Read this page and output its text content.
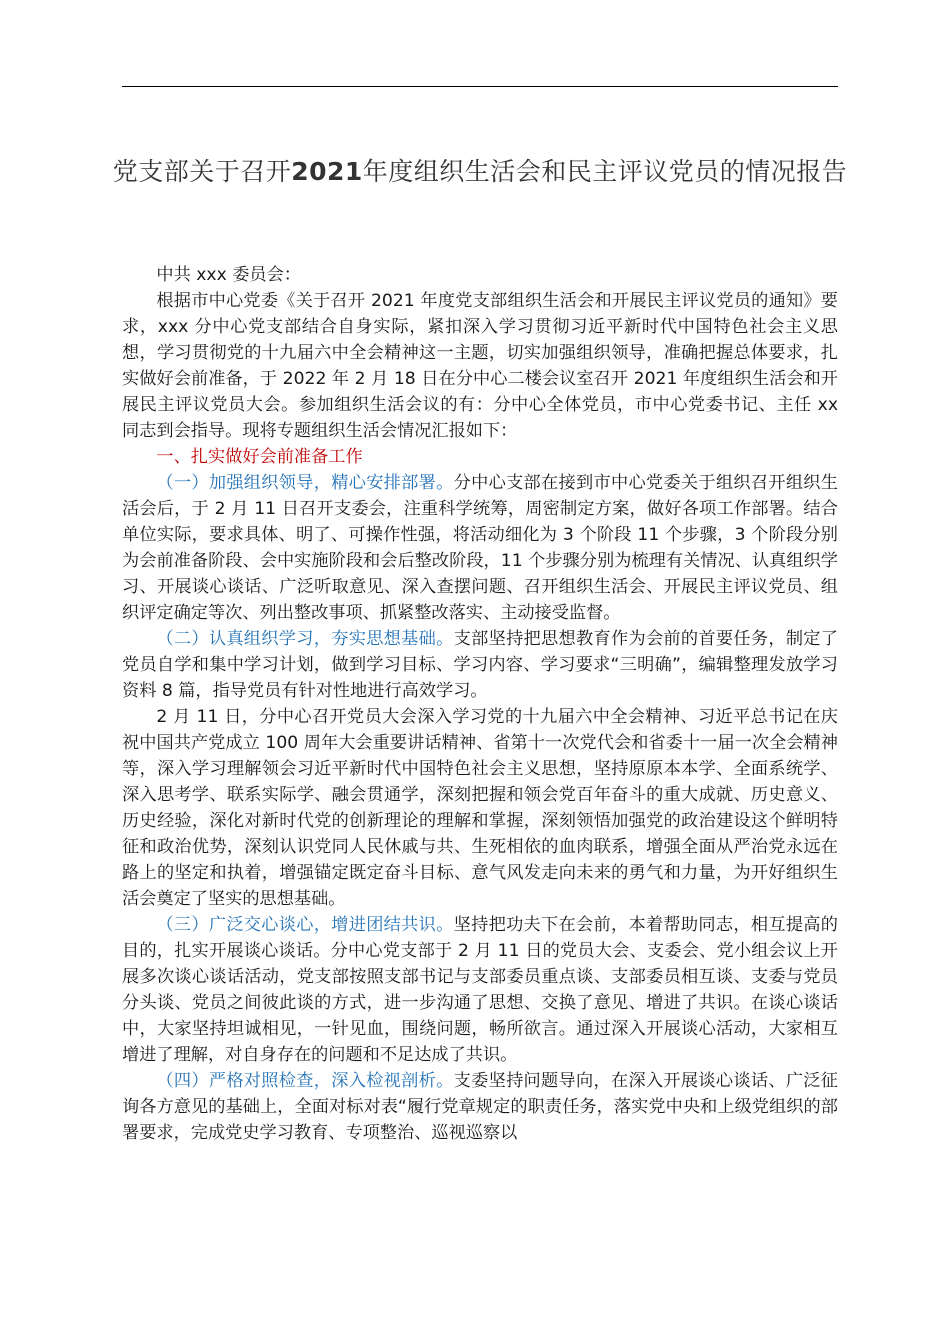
党支部关于召开2021年度组织生活会和民主评议党员的情况报告

中共 xxx 委员会：

根据市中心党委《关于召开 2021 年度党支部组织生活会和开展民主评议党员的通知》要求，xxx 分中心党支部结合自身实际，紧扣深入学习贯彻习近平新时代中国特色社会主义思想，学习贯彻党的十九届六中全会精神这一主题，切实加强组织领导，准确把握总体要求，扎实做好会前准备，于 2022 年 2 月 18 日在分中心二楼会议室召开 2021 年度组织生活会和开展民主评议党员大会。参加组织生活会议的有：分中心全体党员，市中心党委书记、主任 xx 同志到会指导。现将专题组织生活会情况汇报如下：

一、扎实做好会前准备工作

（一）加强组织领导，精心安排部署。分中心支部在接到市中心党委关于组织召开组织生活会后，于 2 月 11 日召开支委会，注重科学统筹，周密制定方案，做好各项工作部署。结合单位实际，要求具体、明了、可操作性强，将活动细化为 3 个阶段 11 个步骤，3 个阶段分别为会前准备阶段、会中实施阶段和会后整改阶段，11 个步骤分别为梳理有关情况、认真组织学习、开展谈心谈话、广泛听取意见、深入查摆问题、召开组织生活会、开展民主评议党员、组织评定确定等次、列出整改事项、抓紧整改落实、主动接受监督。

（二）认真组织学习，夯实思想基础。支部坚持把思想教育作为会前的首要任务，制定了党员自学和集中学习计划，做到学习目标、学习内容、学习要求“三明确”，编辑整理发放学习资料 8 篇，指导党员有针对性地进行高效学习。

2 月 11 日，分中心召开党员大会深入学习党的十九届六中全会精神、习近平总书记在庆祝中国共产党成立 100 周年大会重要讲话精神、省第十一次党代会和省委十一届一次全会精神等，深入学习理解领会习近平新时代中国特色社会主义思想，坚持原原本本学、全面系统学、深入思考学、联系实际学、融会贯通学，深刻把握和领会党百年奋斗的重大成就、历史意义、历史经验，深化对新时代党的创新理论的理解和掌握，深刻领悟加强党的政治建设这个鲜明特征和政治优势，深刻认识党同人民休戚与共、生死相依的血肉联系，增强全面从严治党永远在路上的坚定和执着，增强锚定既定奋斗目标、意气风发走向未来的勇气和力量，为开好组织生活会奠定了坚实的思想基础。

（三）广泛交心谈心，增进团结共识。坚持把功夫下在会前，本着帮助同志，相互提高的目的，扎实开展谈心谈话。分中心党支部于 2 月 11 日的党员大会、支委会、党小组会议上开展多次谈心谈话活动，党支部按照支部书记与支部委员重点谈、支部委员相互谈、支委与党员分头谈、党员之间彼此谈的方式，进一步沟通了思想、交换了意见、增进了共识。在谈心谈话中，大家坚持坦诚相见，一针见血，围绕问题，畅所欲言。通过深入开展谈心活动，大家相互增进了理解，对自身存在的问题和不足达成了共识。

（四）严格对照检查，深入检视剖析。支委坚持问题导向，在深入开展谈心谈话、广泛征询各方意见的基础上，全面对标对表“履行党章规定的职责任务，落实党中央和上级党组织的部署要求，完成党史学习教育、专项整治、巡视巡察以
